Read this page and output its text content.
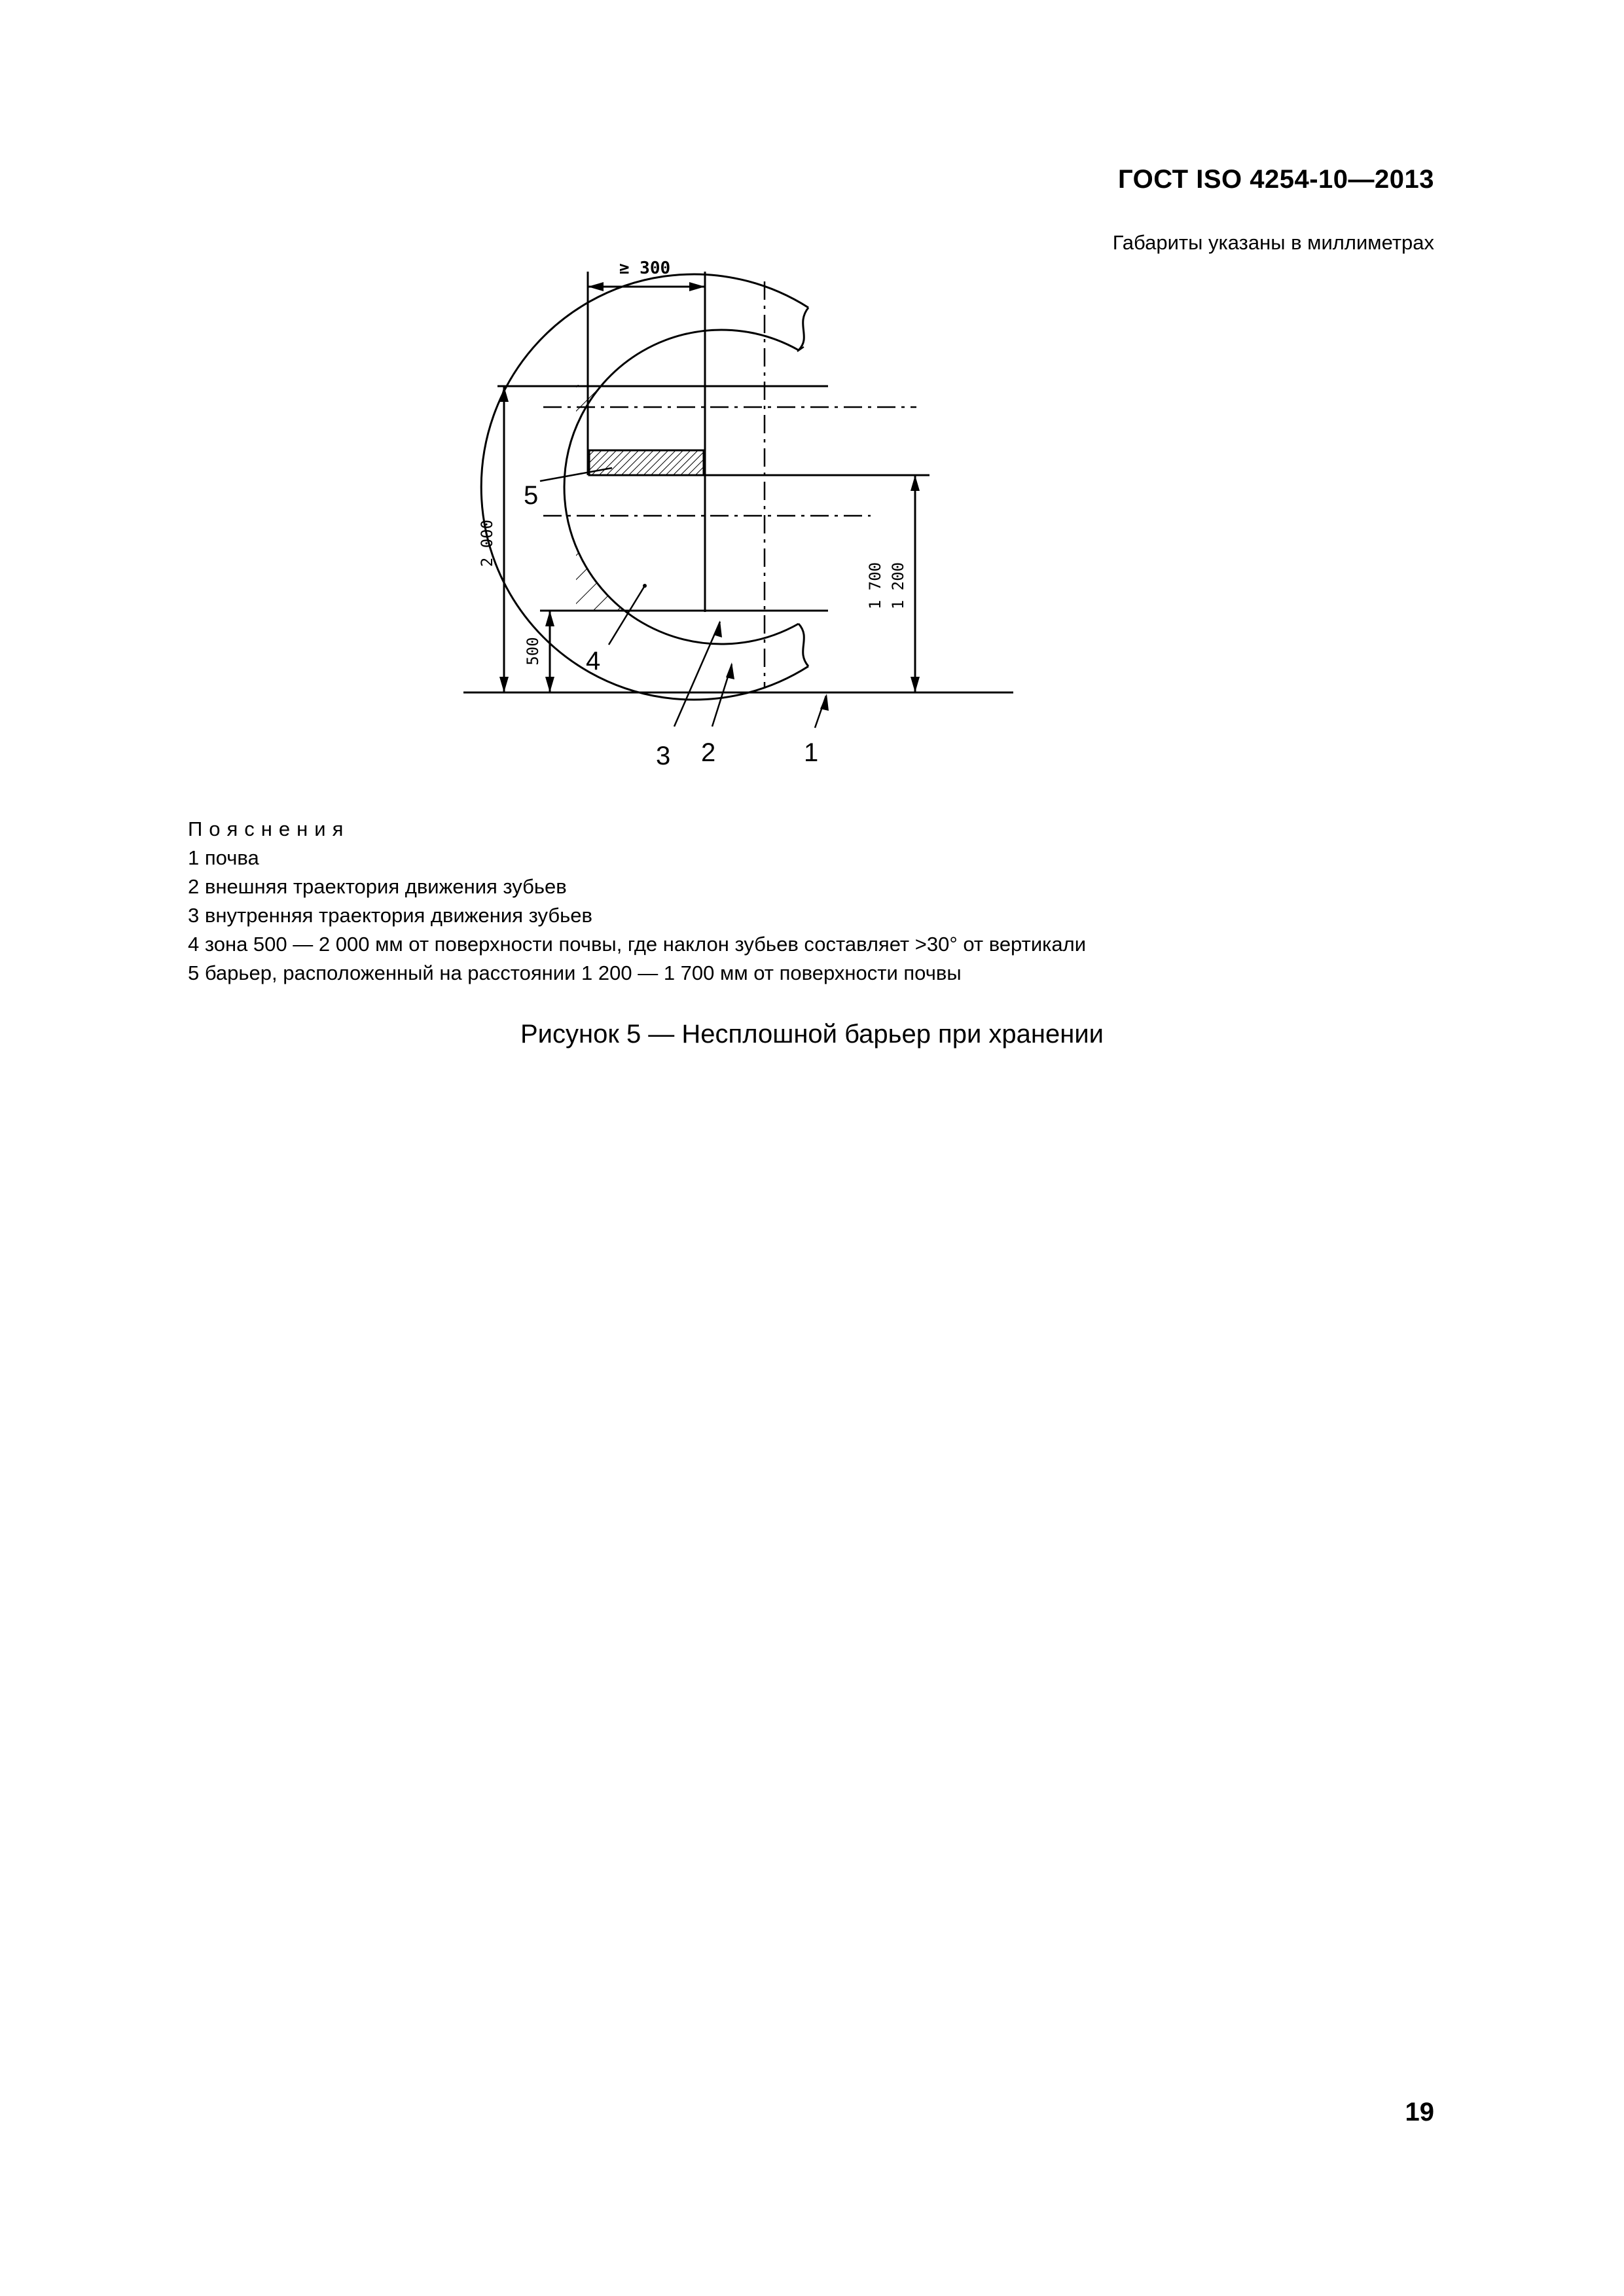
ГОСТ ISO 4254-10—2013
Габариты указаны в миллиметрах
≥ 300
2 000
500
1 700 1 200
5
4
3 2	1
Пояснения
1 почва
2 внешняя траектория движения зубьев
3 внутренняя траектория движения зубьев
4 зона 500 — 2 000 мм от поверхности почвы, где наклон зубьев составляет >30° от вертикали
5 барьер, расположенный на расстоянии 1 200 — 1 700 мм от поверхности почвы
Рисунок 5 — Несплошной барьер при хранении
19
